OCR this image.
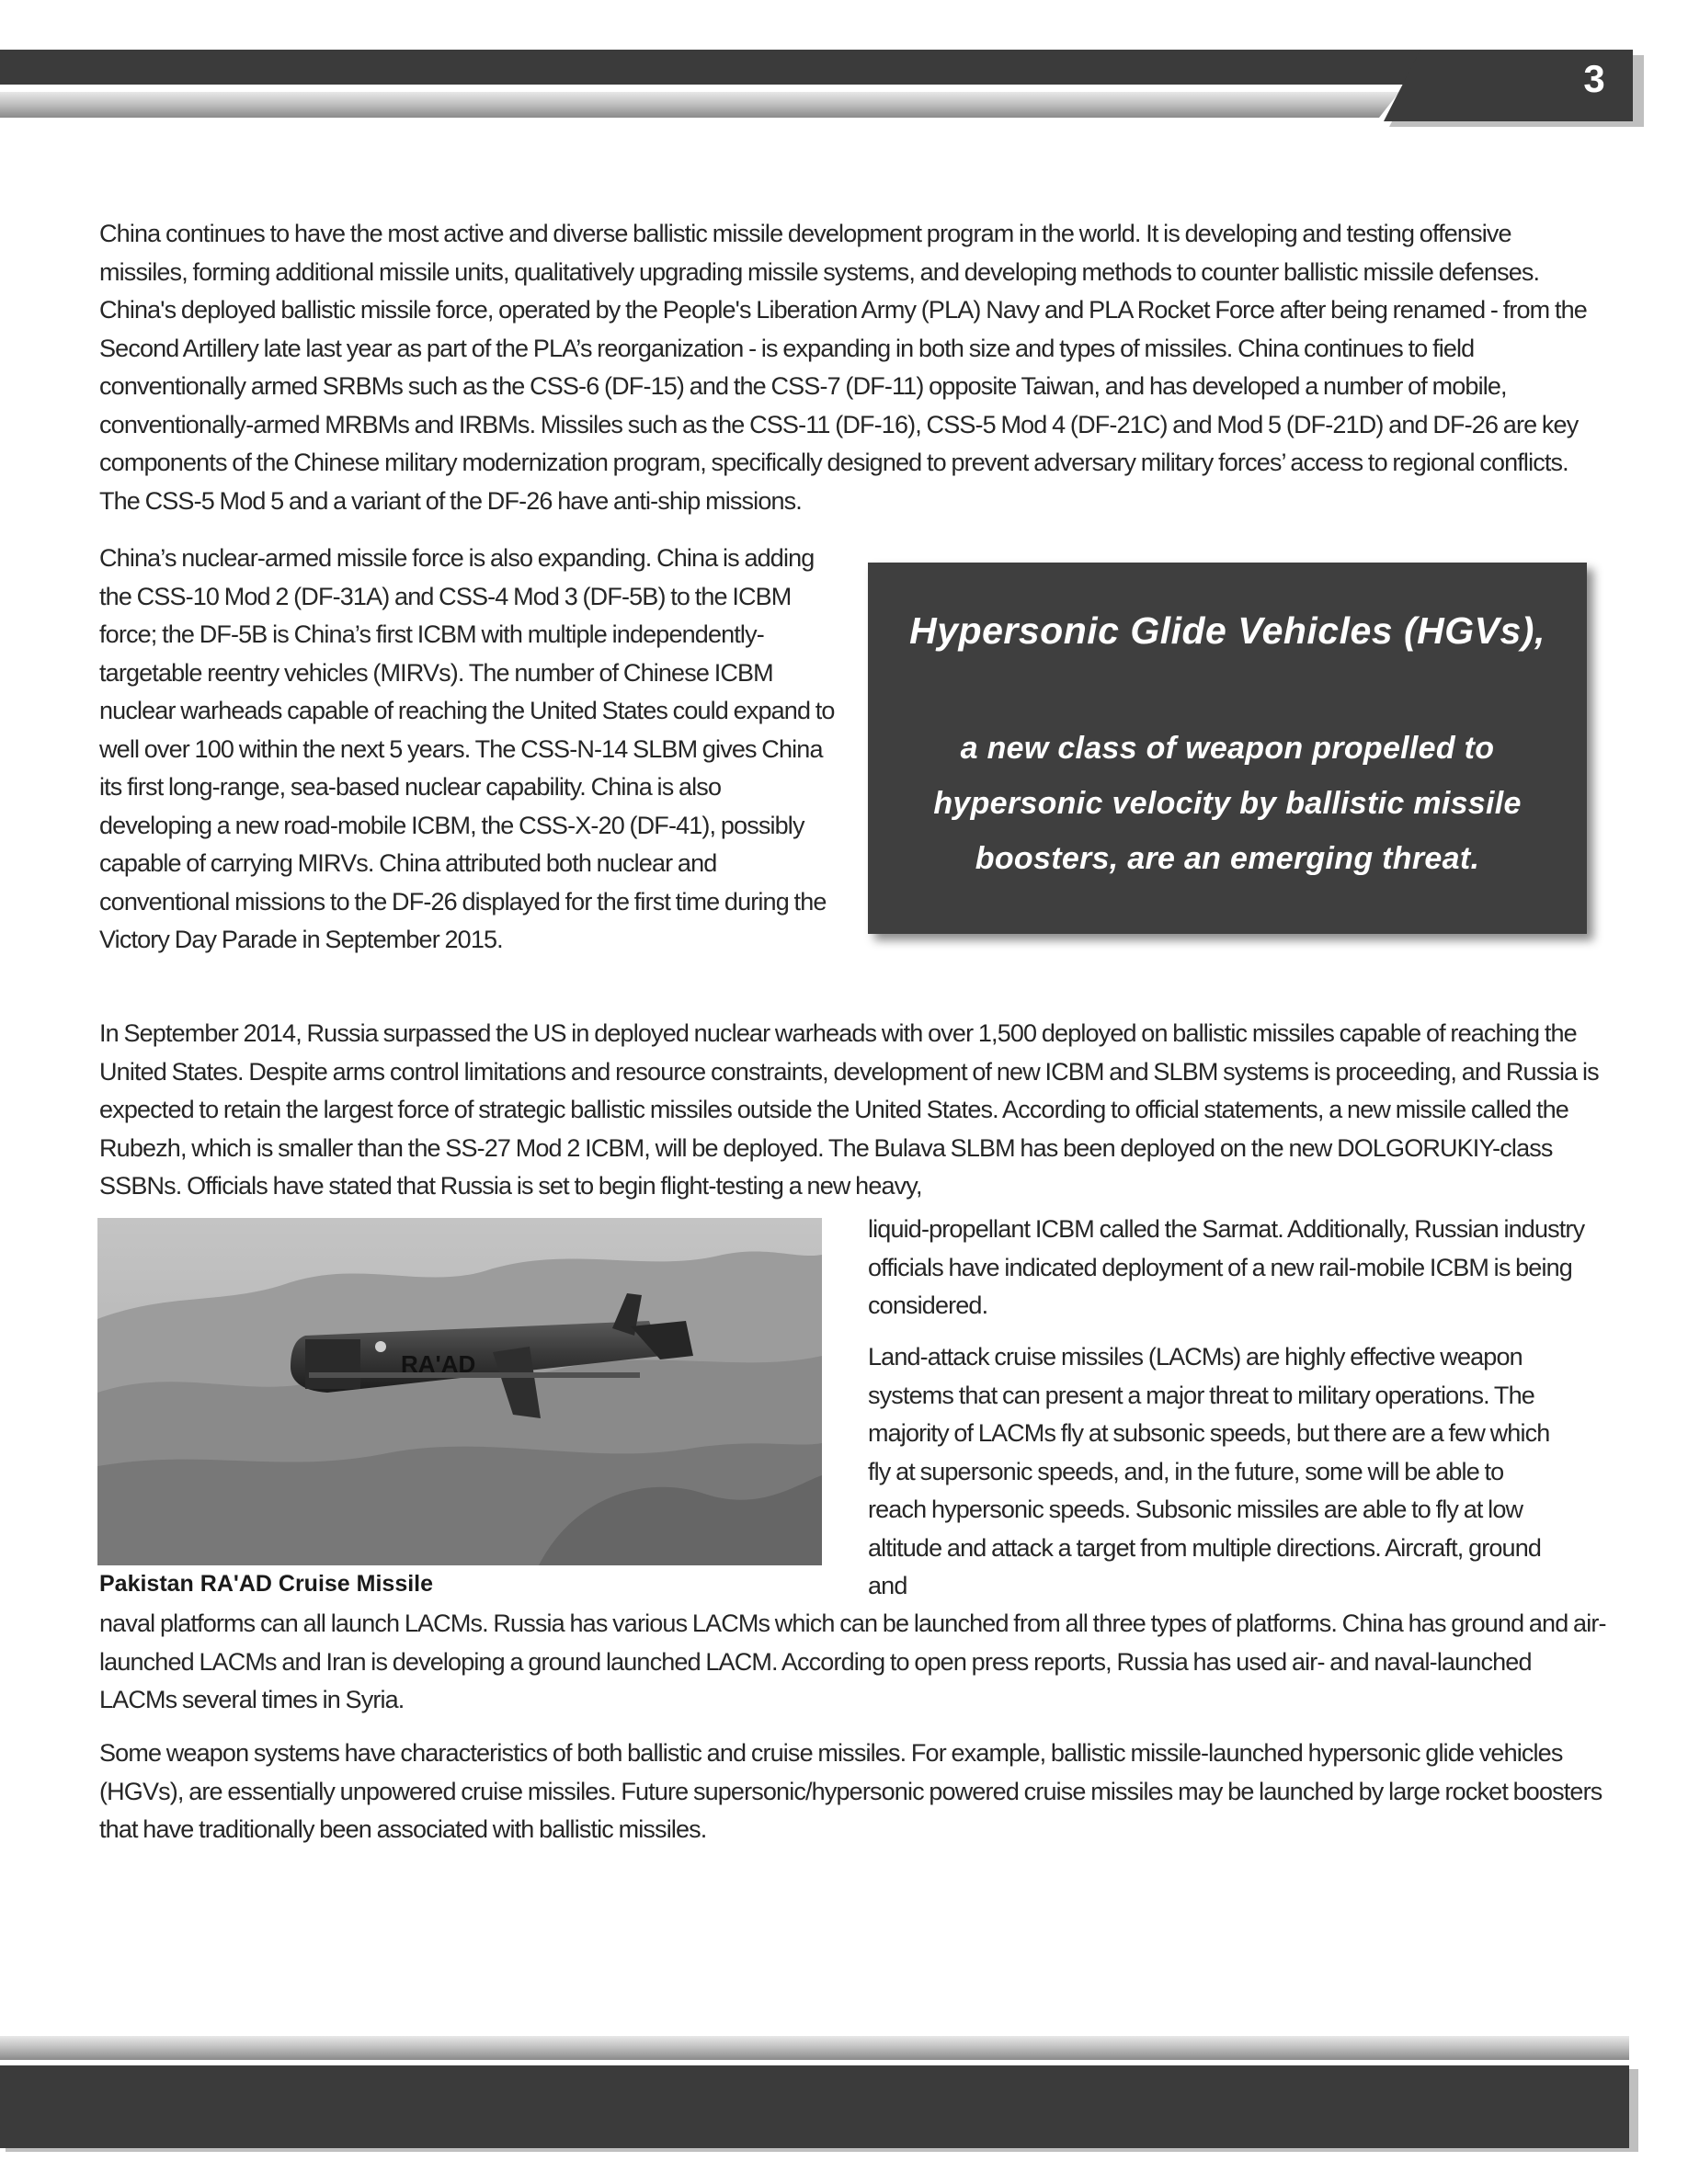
3

China continues to have the most active and diverse ballistic missile development program in the world. It is developing and testing offensive missiles, forming additional missile units, qualitatively upgrading missile systems, and developing methods to counter ballistic missile defenses. China's deployed ballistic missile force, operated by the People's Liberation Army (PLA) Navy and PLA Rocket Force after being renamed - from the Second Artillery late last year as part of the PLA’s reorganization - is expanding in both size and types of missiles. China continues to field conventionally armed SRBMs such as the CSS-6 (DF-15) and the CSS-7 (DF-11) opposite Taiwan, and has developed a number of mobile, conventionally-armed MRBMs and IRBMs. Missiles such as the CSS-11 (DF-16), CSS-5 Mod 4 (DF-21C) and Mod 5 (DF-21D) and DF-26 are key components of the Chinese military modernization program, specifically designed to prevent adversary military forces’ access to regional conflicts. The CSS-5 Mod 5 and a variant of the DF-26 have anti-ship missions.

China’s nuclear-armed missile force is also expanding. China is adding the CSS-10 Mod 2 (DF-31A) and CSS-4 Mod 3 (DF-5B) to the ICBM force; the DF-5B is China’s first ICBM with multiple independently-targetable reentry vehicles (MIRVs). The number of Chinese ICBM nuclear warheads capable of reaching the United States could expand to well over 100 within the next 5 years. The CSS-N-14 SLBM gives China its first long-range, sea-based nuclear capability. China is also developing a new road-mobile ICBM, the CSS-X-20 (DF-41), possibly capable of carrying MIRVs. China attributed both nuclear and conventional missions to the DF-26 displayed for the first time during the Victory Day Parade in September 2015.

Hypersonic Glide Vehicles (HGVs),
a new class of weapon propelled to hypersonic velocity by ballistic missile boosters, are an emerging threat.

In September 2014, Russia surpassed the US in deployed nuclear warheads with over 1,500 deployed on ballistic missiles capable of reaching the United States. Despite arms control limitations and resource constraints, development of new ICBM and SLBM systems is proceeding, and Russia is expected to retain the largest force of strategic ballistic missiles outside the United States. According to official statements, a new missile called the Rubezh, which is smaller than the SS-27 Mod 2 ICBM, will be deployed. The Bulava SLBM has been deployed on the new DOLGORUKIY-class SSBNs. Officials have stated that Russia is set to begin flight-testing a new heavy,

RA'AD

Pakistan RA'AD Cruise Missile

liquid-propellant ICBM called the Sarmat. Additionally, Russian industry officials have indicated deployment of a new rail-mobile ICBM is being considered.

Land-attack cruise missiles (LACMs) are highly effective weapon systems that can present a major threat to military operations. The majority of LACMs fly at subsonic speeds, but there are a few which fly at supersonic speeds, and, in the future, some will be able to reach hypersonic speeds. Subsonic missiles are able to fly at low altitude and attack a target from multiple directions. Aircraft, ground and

naval platforms can all launch LACMs. Russia has various LACMs which can be launched from all three types of platforms. China has ground and air-launched LACMs and Iran is developing a ground launched LACM. According to open press reports, Russia has used air- and naval-launched LACMs several times in Syria.

Some weapon systems have characteristics of both ballistic and cruise missiles. For example, ballistic missile-launched hypersonic glide vehicles (HGVs), are essentially unpowered cruise missiles. Future supersonic/hypersonic powered cruise missiles may be launched by large rocket boosters that have traditionally been associated with ballistic missiles.
